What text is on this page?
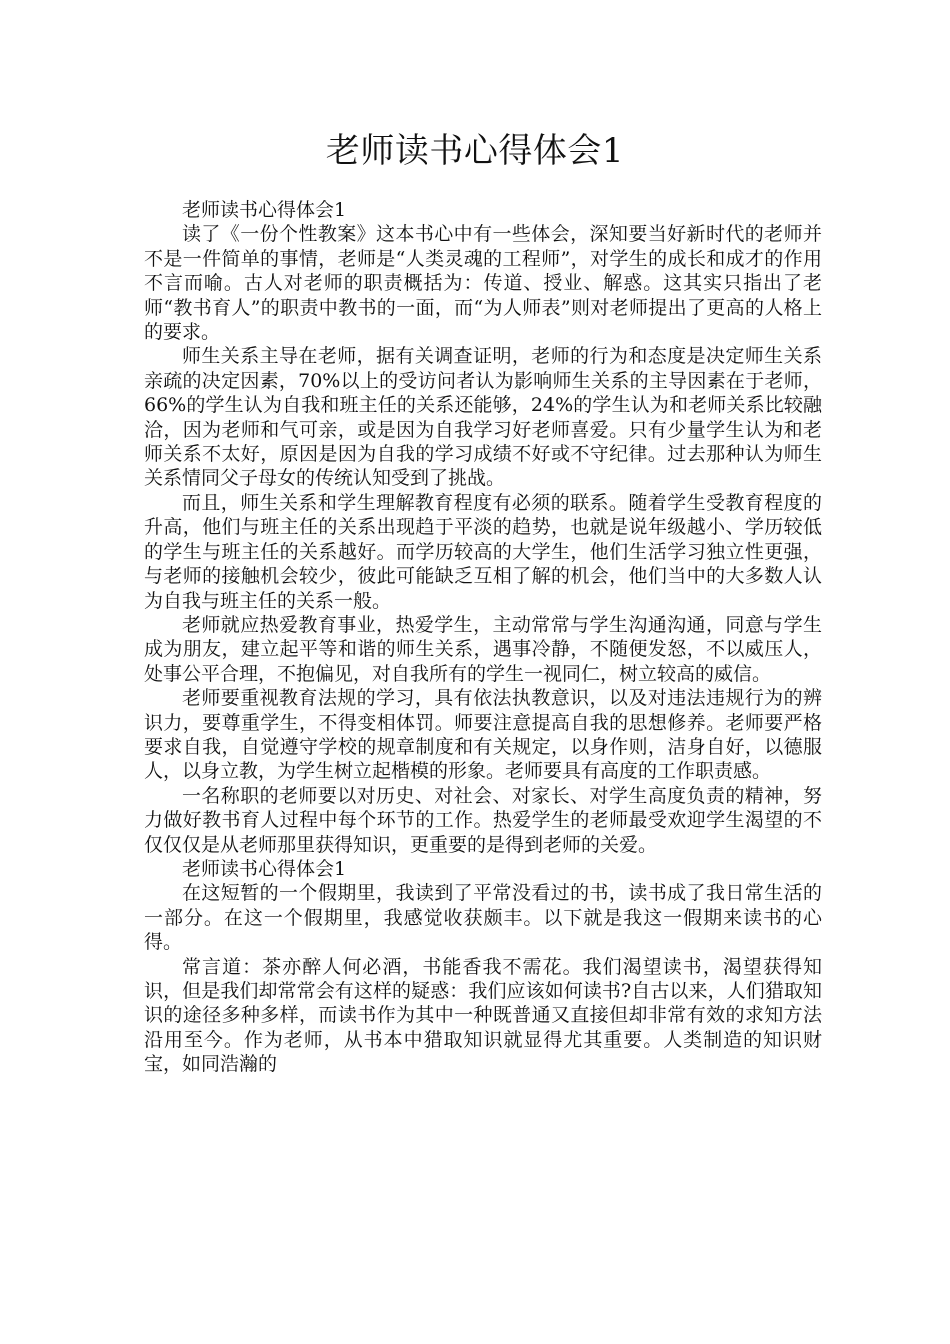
老师读书心得体会1

老师读书心得体会1

读了《一份个性教案》这本书心中有一些体会，深知要当好新时代的老师并不是一件简单的事情，老师是“人类灵魂的工程师”，对学生的成长和成才的作用不言而喻。古人对老师的职责概括为：传道、授业、解惑。这其实只指出了老师“教书育人”的职责中教书的一面，而“为人师表”则对老师提出了更高的人格上的要求。

师生关系主导在老师，据有关调查证明，老师的行为和态度是决定师生关系亲疏的决定因素，70%以上的受访问者认为影响师生关系的主导因素在于老师，66%的学生认为自我和班主任的关系还能够，24%的学生认为和老师关系比较融洽，因为老师和气可亲，或是因为自我学习好老师喜爱。只有少量学生认为和老师关系不太好，原因是因为自我的学习成绩不好或不守纪律。过去那种认为师生关系情同父子母女的传统认知受到了挑战。

而且，师生关系和学生理解教育程度有必须的联系。随着学生受教育程度的升高，他们与班主任的关系出现趋于平淡的趋势，也就是说年级越小、学历较低的学生与班主任的关系越好。而学历较高的大学生，他们生活学习独立性更强，与老师的接触机会较少，彼此可能缺乏互相了解的机会，他们当中的大多数人认为自我与班主任的关系一般。

老师就应热爱教育事业，热爱学生，主动常常与学生沟通沟通，同意与学生成为朋友，建立起平等和谐的师生关系，遇事冷静，不随便发怒，不以威压人，处事公平合理，不抱偏见，对自我所有的学生一视同仁，树立较高的威信。

老师要重视教育法规的学习，具有依法执教意识，以及对违法违规行为的辨识力，要尊重学生，不得变相体罚。师要注意提高自我的思想修养。老师要严格要求自我，自觉遵守学校的规章制度和有关规定，以身作则，洁身自好，以德服人，以身立教，为学生树立起楷模的形象。老师要具有高度的工作职责感。

一名称职的老师要以对历史、对社会、对家长、对学生高度负责的精神，努力做好教书育人过程中每个环节的工作。热爱学生的老师最受欢迎学生渴望的不仅仅仅是从老师那里获得知识，更重要的是得到老师的关爱。

老师读书心得体会1

在这短暂的一个假期里，我读到了平常没看过的书，读书成了我日常生活的一部分。在这一个假期里，我感觉收获颇丰。以下就是我这一假期来读书的心得。

常言道：茶亦醉人何必酒，书能香我不需花。我们渴望读书，渴望获得知识，但是我们却常常会有这样的疑惑：我们应该如何读书?自古以来，人们猎取知识的途径多种多样，而读书作为其中一种既普通又直接但却非常有效的求知方法沿用至今。作为老师，从书本中猎取知识就显得尤其重要。人类制造的知识财宝，如同浩瀚的
